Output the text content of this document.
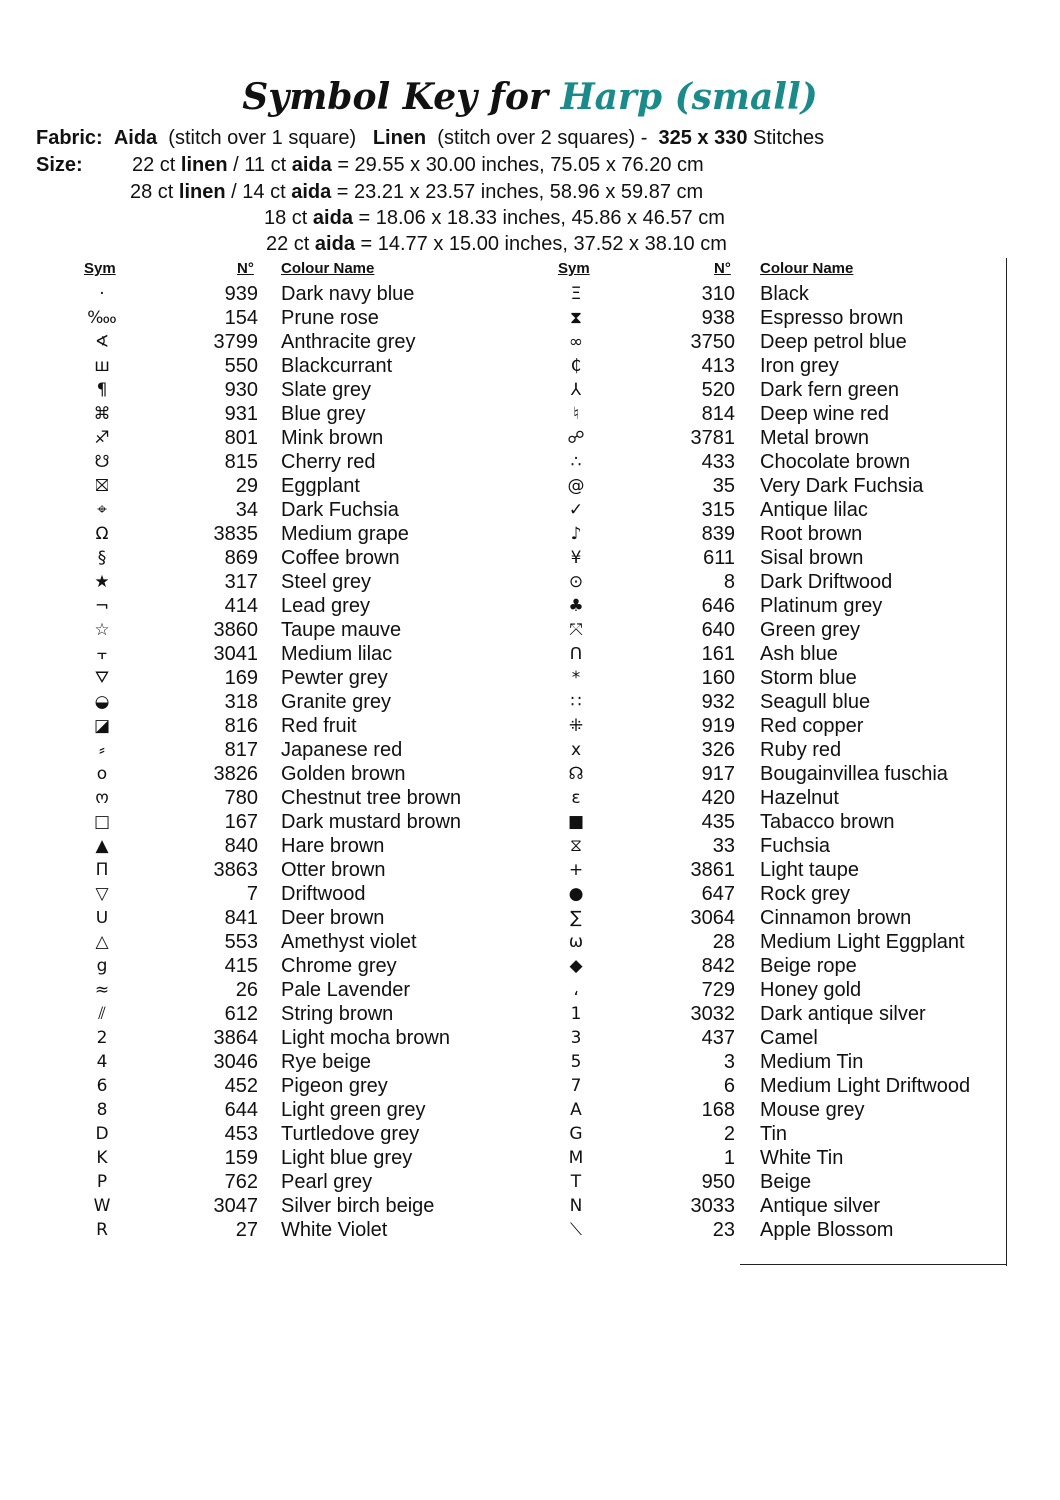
Symbol Key for Harp (small)
Fabric: Aida (stitch over 1 square) Linen (stitch over 2 squares) - 325 x 330 Stitches
Size: 22 ct linen / 11 ct aida = 29.55 x 30.00 inches, 75.05 x 76.20 cm
28 ct linen / 14 ct aida = 23.21 x 23.57 inches, 58.96 x 59.87 cm
18 ct aida = 18.06 x 18.33 inches, 45.86 x 46.57 cm
22 ct aida = 14.77 x 15.00 inches, 37.52 x 38.10 cm
Sym	N° Colour Name
·	939 Dark navy blue
‱	154 Prune rose
∢	3799 Anthracite grey
ш	550 Blackcurrant
¶	930 Slate grey
⌘	931 Blue grey
♐	801 Mink brown
☋	815 Cherry red
⛝	29 Eggplant
⌖	34 Dark Fuchsia
Ω	3835 Medium grape
§	869 Coffee brown
★	317 Steel grey
¬	414 Lead grey
☆	3860 Taupe mauve
⫟	3041 Medium lilac
⛛	169 Pewter grey
◒	318 Granite grey
◪	816 Red fruit
⸗	817 Japanese red
o	3826 Golden brown
ო	780 Chestnut tree brown
□	167 Dark mustard brown
▲	840 Hare brown
Π	3863 Otter brown
▽	7 Driftwood
ᑌ	841 Deer brown
△	553 Amethyst violet
g	415 Chrome grey
≈	26 Pale Lavender
⫽	612 String brown
2	3864 Light mocha brown
4	3046 Rye beige
6	452 Pigeon grey
8	644 Light green grey
D	453 Turtledove grey
K	159 Light blue grey
P	762 Pearl grey
W	3047 Silver birch beige
R	27 White Violet
Sym	N° Colour Name
Ξ	310 Black
⧗	938 Espresso brown
∞	3750 Deep petrol blue
₵	413 Iron grey
⅄	520 Dark fern green
♮	814 Deep wine red
☍	3781 Metal brown
∴	433 Chocolate brown
@	35 Very Dark Fuchsia
✓	315 Antique lilac
♪	839 Root brown
¥	611 Sisal brown
⊙	8 Dark Driftwood
♣	646 Platinum grey
⤧	640 Green grey
ᑎ	161 Ash blue
*	160 Storm blue
∷	932 Seagull blue
⁜	919 Red copper
x	326 Ruby red
☊	917 Bougainvillea fuschia
ε	420 Hazelnut
■	435 Tabacco brown
⧖	33 Fuchsia
+	3861 Light taupe
●	647 Rock grey
∑	3064 Cinnamon brown
ω	28 Medium Light Eggplant
◆	842 Beige rope
،	729 Honey gold
1	3032 Dark antique silver
3	437 Camel
5	3 Medium Tin
7	6 Medium Light Driftwood
A	168 Mouse grey
G	2 Tin
M	1 White Tin
T	950 Beige
N	3033 Antique silver
⟍	23 Apple Blossom
